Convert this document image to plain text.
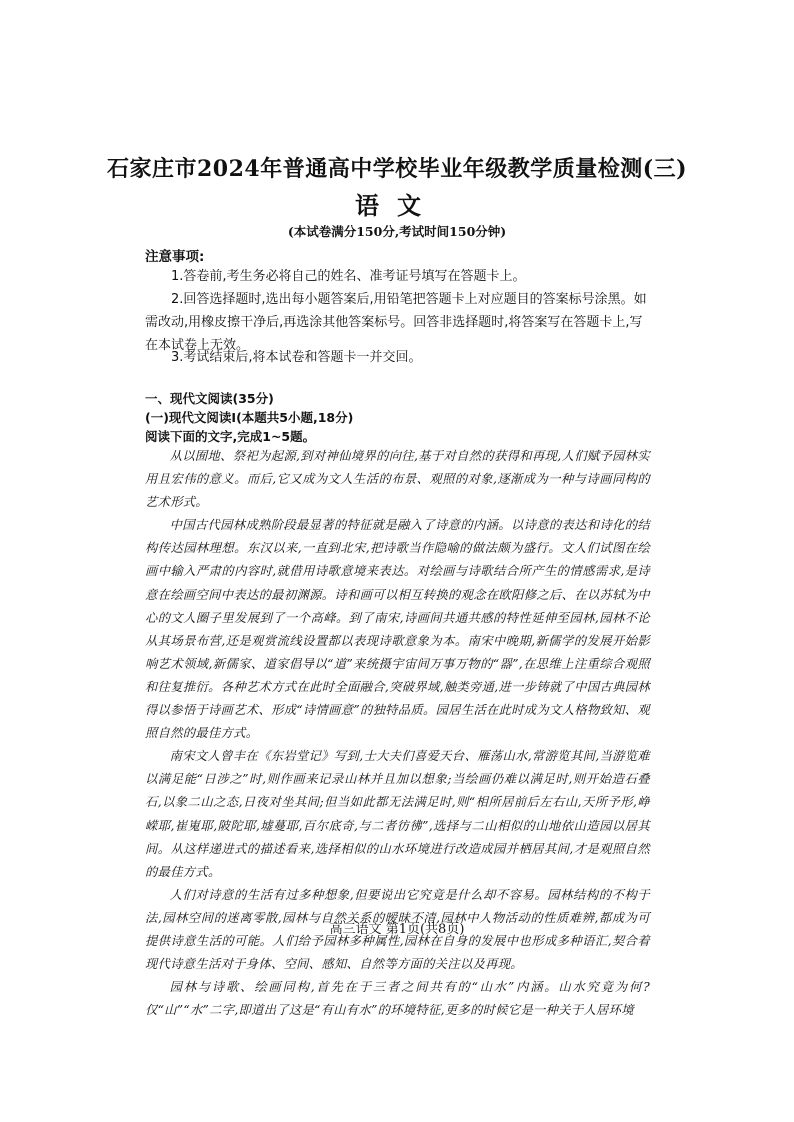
石家庄市2024年普通高中学校毕业年级教学质量检测(三)
语文
(本试卷满分150分,考试时间150分钟)
注意事项:
1.答卷前,考生务必将自己的姓名、准考证号填写在答题卡上。
2.回答选择题时,选出每小题答案后,用铅笔把答题卡上对应题目的答案标号涂黑。如需改动,用橡皮擦干净后,再选涂其他答案标号。回答非选择题时,将答案写在答题卡上,写在本试卷上无效。
3.考试结束后,将本试卷和答题卡一并交回。
一、现代文阅读(35分)
(一)现代文阅读Ⅰ(本题共5小题,18分)
阅读下面的文字,完成1~5题。

从以囿地、祭祀为起源,到对神仙境界的向往,基于对自然的获得和再现,人们赋予园林实用且宏伟的意义。而后,它又成为文人生活的布景、观照的对象,逐渐成为一种与诗画同构的艺术形式。

中国古代园林成熟阶段最显著的特征就是融入了诗意的内涵。以诗意的表达和诗化的结构传达园林理想。东汉以来,一直到北宋,把诗歌当作隐喻的做法颇为盛行。文人们试图在绘画中输入严肃的内容时,就借用诗歌意境来表达。对绘画与诗歌结合所产生的情感需求,是诗意在绘画空间中表达的最初渊源。诗和画可以相互转换的观念在欧阳修之后、在以苏轼为中心的文人圈子里发展到了一个高峰。到了南宋,诗画间共通共感的特性延伸至园林,园林不论从其场景布营,还是观赏流线设置都以表现诗歌意象为本。南宋中晚期,新儒学的发展开始影响艺术领域,新儒家、道家倡导以“道”来统摄宇宙间万事万物的“器”,在思维上注重综合观照和往复推衍。各种艺术方式在此时全面融合,突破界域,触类旁通,进一步铸就了中国古典园林得以参悟于诗画艺术、形成“诗情画意”的独特品质。园居生活在此时成为文人格物致知、观照自然的最佳方式。

南宋文人曾丰在《东岩堂记》写到,士大夫们喜爱天台、雁荡山水,常游览其间,当游览难以满足能“日涉之”时,则作画来记录山林并且加以想象;当绘画仍难以满足时,则开始造石叠石,以象二山之态,日夜对坐其间;但当如此都无法满足时,则“相所居前后左右山,天所予形,峥嵘耶,崔嵬耶,陂陀耶,墟蔓耶,百尔底奇,与二者彷彿”,选择与二山相似的山地依山造园以居其间。从这样递进式的描述看来,选择相似的山水环境进行改造成园并栖居其间,才是观照自然的最佳方式。

人们对诗意的生活有过多种想象,但要说出它究竟是什么却不容易。园林结构的不构于法,园林空间的迷离零散,园林与自然关系的暧昧不清,园林中人物活动的性质难辨,都成为可提供诗意生活的可能。人们给予园林多种属性,园林在自身的发展中也形成多种语汇,契合着现代诗意生活对于身体、空间、感知、自然等方面的关注以及再现。

园林与诗歌、绘画同构,首先在于三者之间共有的“山水”内涵。山水究竟为何?仅“山”“水”二字,即道出了这是“有山有水”的环境特征,更多的时候它是一种关于人居环境

高三语文 第1页(共8页)
